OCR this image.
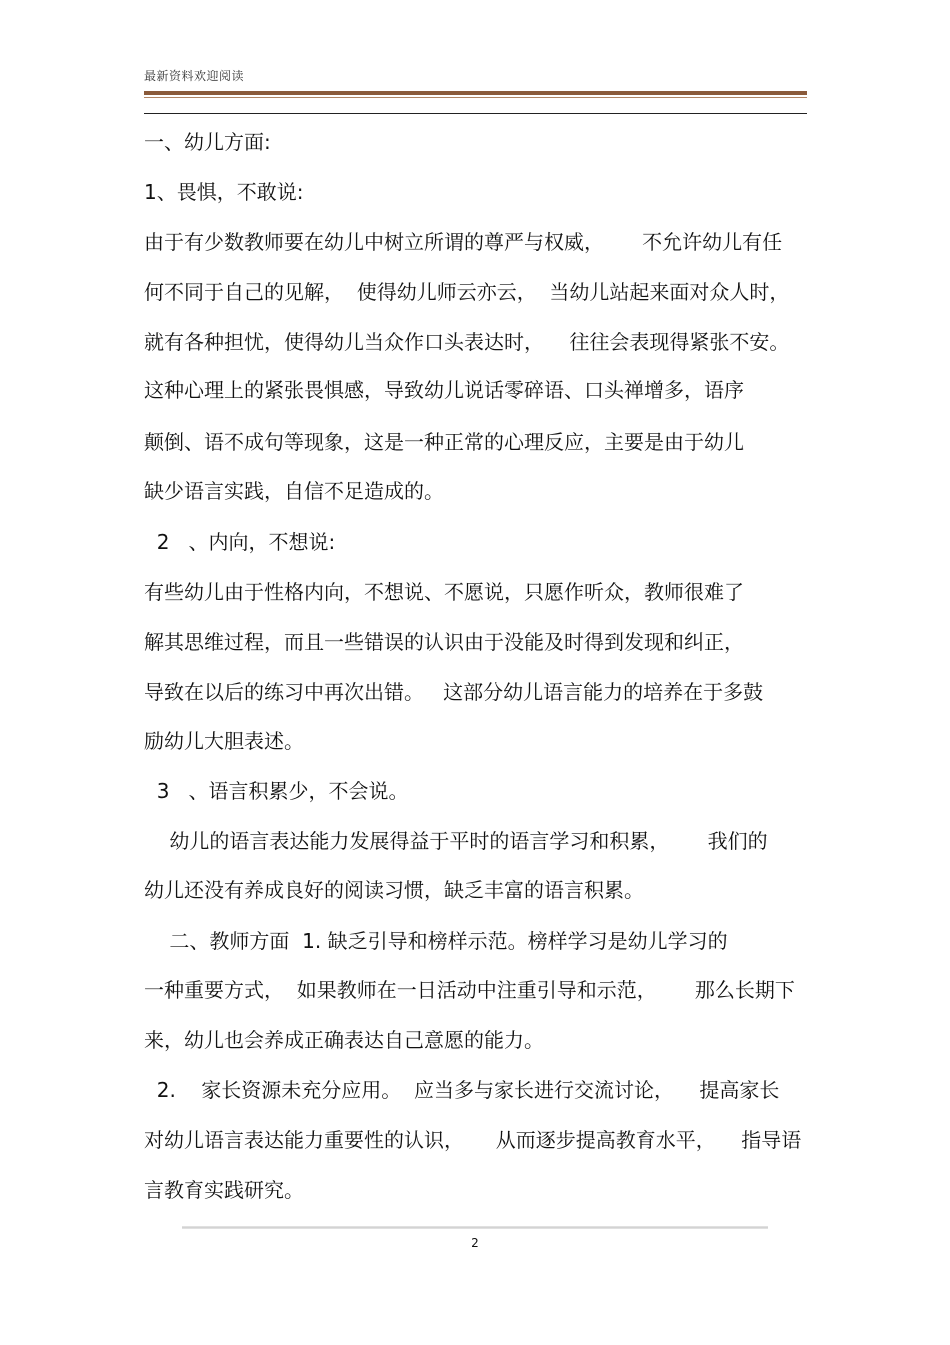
最新资料欢迎阅读
一、幼儿方面:
1、畏惧，不敢说:
由于有少数教师要在幼儿中树立所谓的尊严与权威，      不允许幼儿有任
何不同于自己的见解，  使得幼儿师云亦云，  当幼儿站起来面对众人时，
就有各种担忧，使得幼儿当众作口头表达时，    往往会表现得紧张不安。
这种心理上的紧张畏惧感，导致幼儿说话零碎语、口头禅增多，语序
颠倒、语不成句等现象，这是一种正常的心理反应，主要是由于幼儿
缺少语言实践，自信不足造成的。
2   、内向，不想说:
有些幼儿由于性格内向，不想说、不愿说，只愿作听众，教师很难了
解其思维过程，而且一些错误的认识由于没能及时得到发现和纠正，
导致在以后的练习中再次出错。   这部分幼儿语言能力的培养在于多鼓
励幼儿大胆表述。
3   、语言积累少，不会说。
幼儿的语言表达能力发展得益于平时的语言学习和积累，      我们的
幼儿还没有养成良好的阅读习惯，缺乏丰富的语言积累。
二、教师方面  1. 缺乏引导和榜样示范。榜样学习是幼儿学习的
一种重要方式，  如果教师在一日活动中注重引导和示范，      那么长期下
来，幼儿也会养成正确表达自己意愿的能力。
2.    家长资源未充分应用。  应当多与家长进行交流讨论，    提高家长
对幼儿语言表达能力重要性的认识，     从而逐步提高教育水平，    指导语
言教育实践研究。
2
